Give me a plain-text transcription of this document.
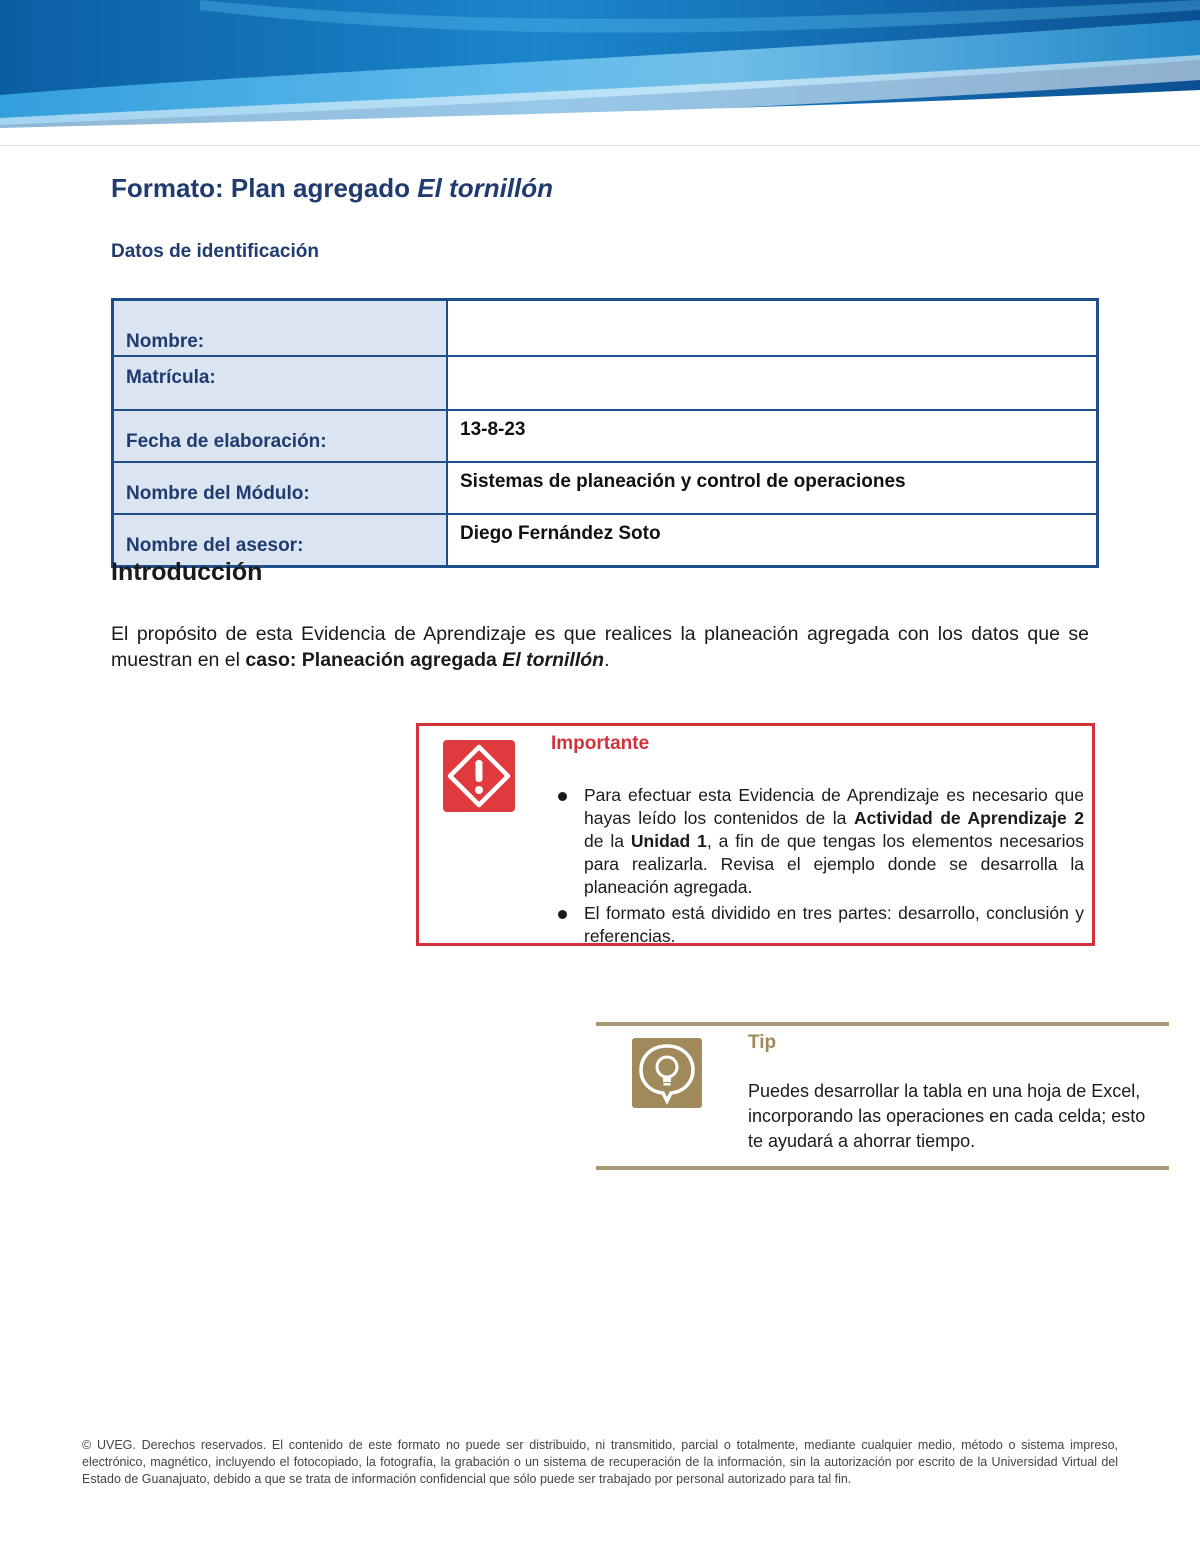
Formato: Plan agregado El tornillón
Datos de identificación
Nombre:	
Matrícula:	
Fecha de elaboración:	13-8-23
Nombre del Módulo:	Sistemas de planeación y control de operaciones
Nombre del asesor:	Diego Fernández Soto
Introducción
El propósito de esta Evidencia de Aprendizaje es que realices la planeación agregada con los datos que se muestran en el caso: Planeación agregada El tornillón.
Importante
Para efectuar esta Evidencia de Aprendizaje es necesario que hayas leído los contenidos de la Actividad de Aprendizaje 2 de la Unidad 1, a fin de que tengas los elementos necesarios para realizarla. Revisa el ejemplo donde se desarrolla la planeación agregada.
El formato está dividido en tres partes: desarrollo, conclusión y referencias.
Tip
Puedes desarrollar la tabla en una hoja de Excel, incorporando las operaciones en cada celda; esto te ayudará a ahorrar tiempo.
© UVEG. Derechos reservados. El contenido de este formato no puede ser distribuido, ni transmitido, parcial o totalmente, mediante cualquier medio, método o sistema impreso, electrónico, magnético, incluyendo el fotocopiado, la fotografía, la grabación o un sistema de recuperación de la información, sin la autorización por escrito de la Universidad Virtual del Estado de Guanajuato, debido a que se trata de información confidencial que sólo puede ser trabajado por personal autorizado para tal fin.
